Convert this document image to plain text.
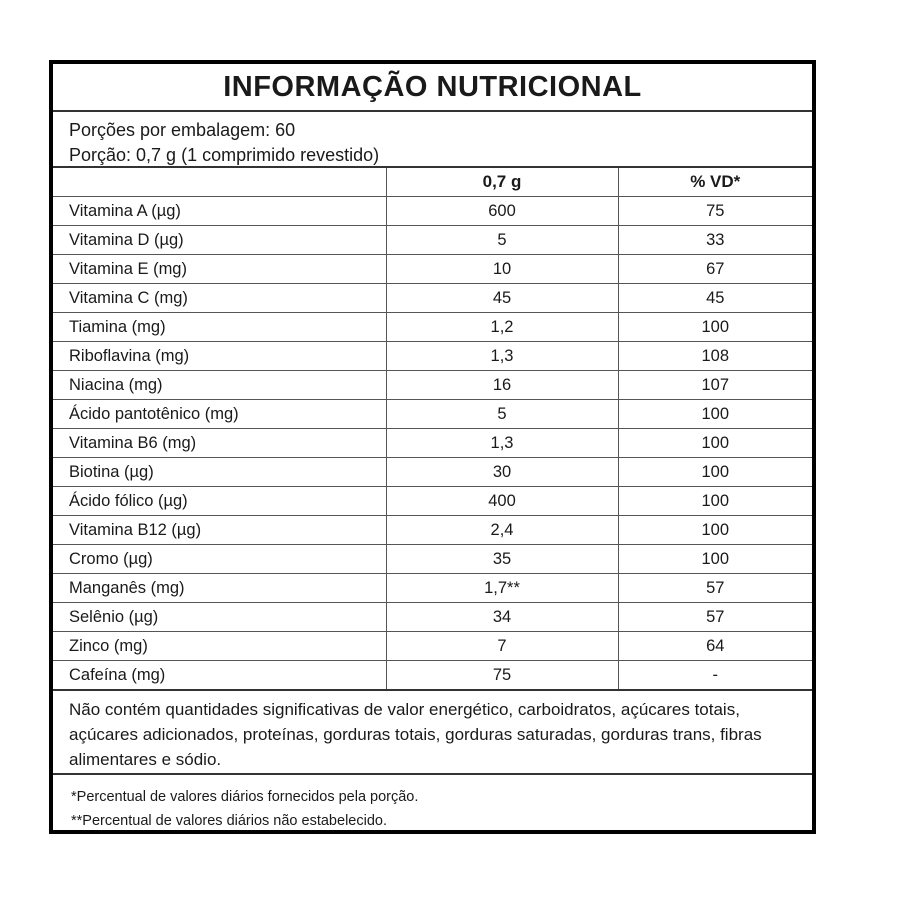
INFORMAÇÃO NUTRICIONAL
Porções por embalagem: 60
Porção: 0,7 g (1 comprimido revestido)
	0,7 g	% VD*
Vitamina A (µg)	600	75
Vitamina D (µg)	5	33
Vitamina E (mg)	10	67
Vitamina C (mg)	45	45
Tiamina (mg)	1,2	100
Riboflavina (mg)	1,3	108
Niacina (mg)	16	107
Ácido pantotênico (mg)	5	100
Vitamina B6 (mg)	1,3	100
Biotina (µg)	30	100
Ácido fólico (µg)	400	100
Vitamina B12 (µg)	2,4	100
Cromo (µg)	35	100
Manganês (mg)	1,7**	57
Selênio (µg)	34	57
Zinco (mg)	7	64
Cafeína (mg)	75	-
Não contém quantidades significativas de valor energético, carboidratos, açúcares totais, açúcares adicionados, proteínas, gorduras totais, gorduras saturadas, gorduras trans, fibras alimentares e sódio.
*Percentual de valores diários fornecidos pela porção.
**Percentual de valores diários não estabelecido.
